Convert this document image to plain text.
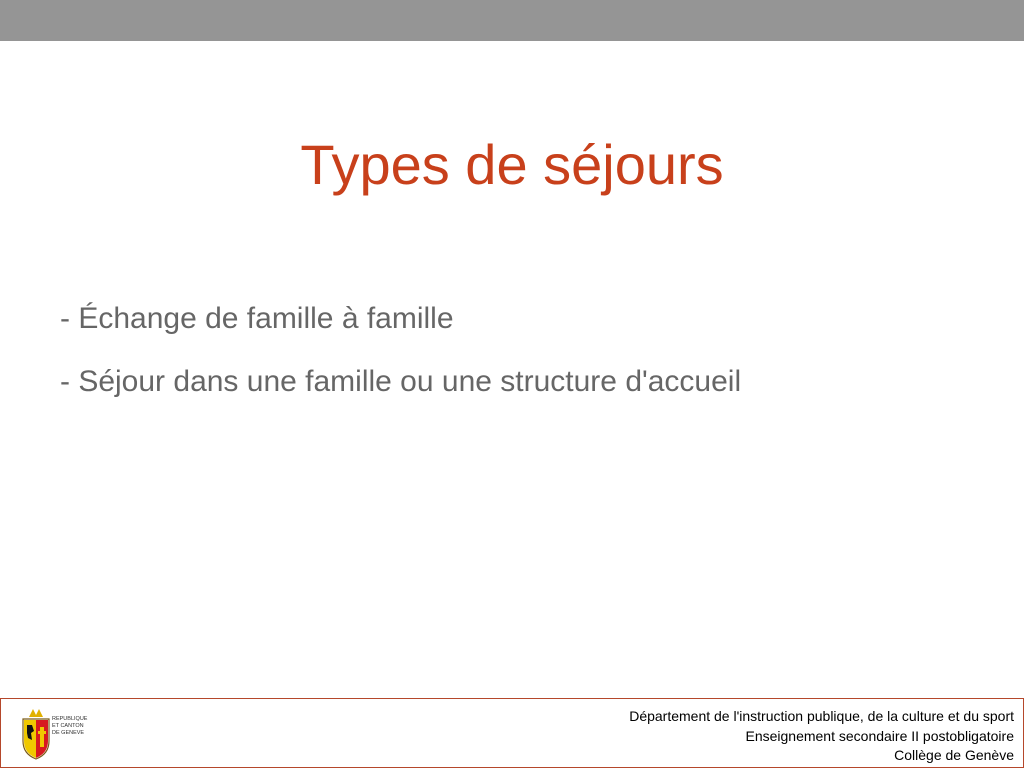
Types de séjours
- Échange de famille à famille
- Séjour dans une famille ou une structure d'accueil
REPUBLIQUE
ET CANTON
DE GENEVE
Département de l'instruction publique, de la culture et du sport
Enseignement secondaire II postobligatoire
Collège de Genève
